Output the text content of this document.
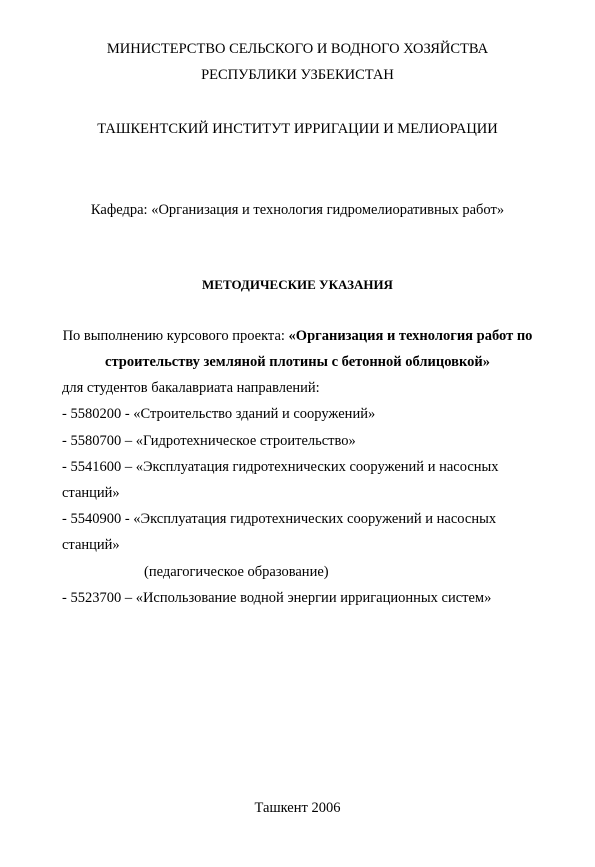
МИНИСТЕРСТВО СЕЛЬСКОГО И ВОДНОГО ХОЗЯЙСТВА
РЕСПУБЛИКИ УЗБЕКИСТАН
ТАШКЕНТСКИЙ ИНСТИТУТ ИРРИГАЦИИ И МЕЛИОРАЦИИ
Кафедра: «Организация и технология гидромелиоративных работ»
МЕТОДИЧЕСКИЕ УКАЗАНИЯ
По выполнению курсового проекта: «Организация и технология работ по
строительству земляной плотины с бетонной облицовкой»
для студентов бакалавриата направлений:
- 5580200 - «Строительство зданий и сооружений»
- 5580700 – «Гидротехническое строительство»
- 5541600 – «Эксплуатация гидротехнических сооружений и насосных
станций»
- 5540900 - «Эксплуатация гидротехнических сооружений и насосных
станций»
(педагогическое образование)
- 5523700 – «Использование водной энергии ирригационных систем»
Ташкент 2006
